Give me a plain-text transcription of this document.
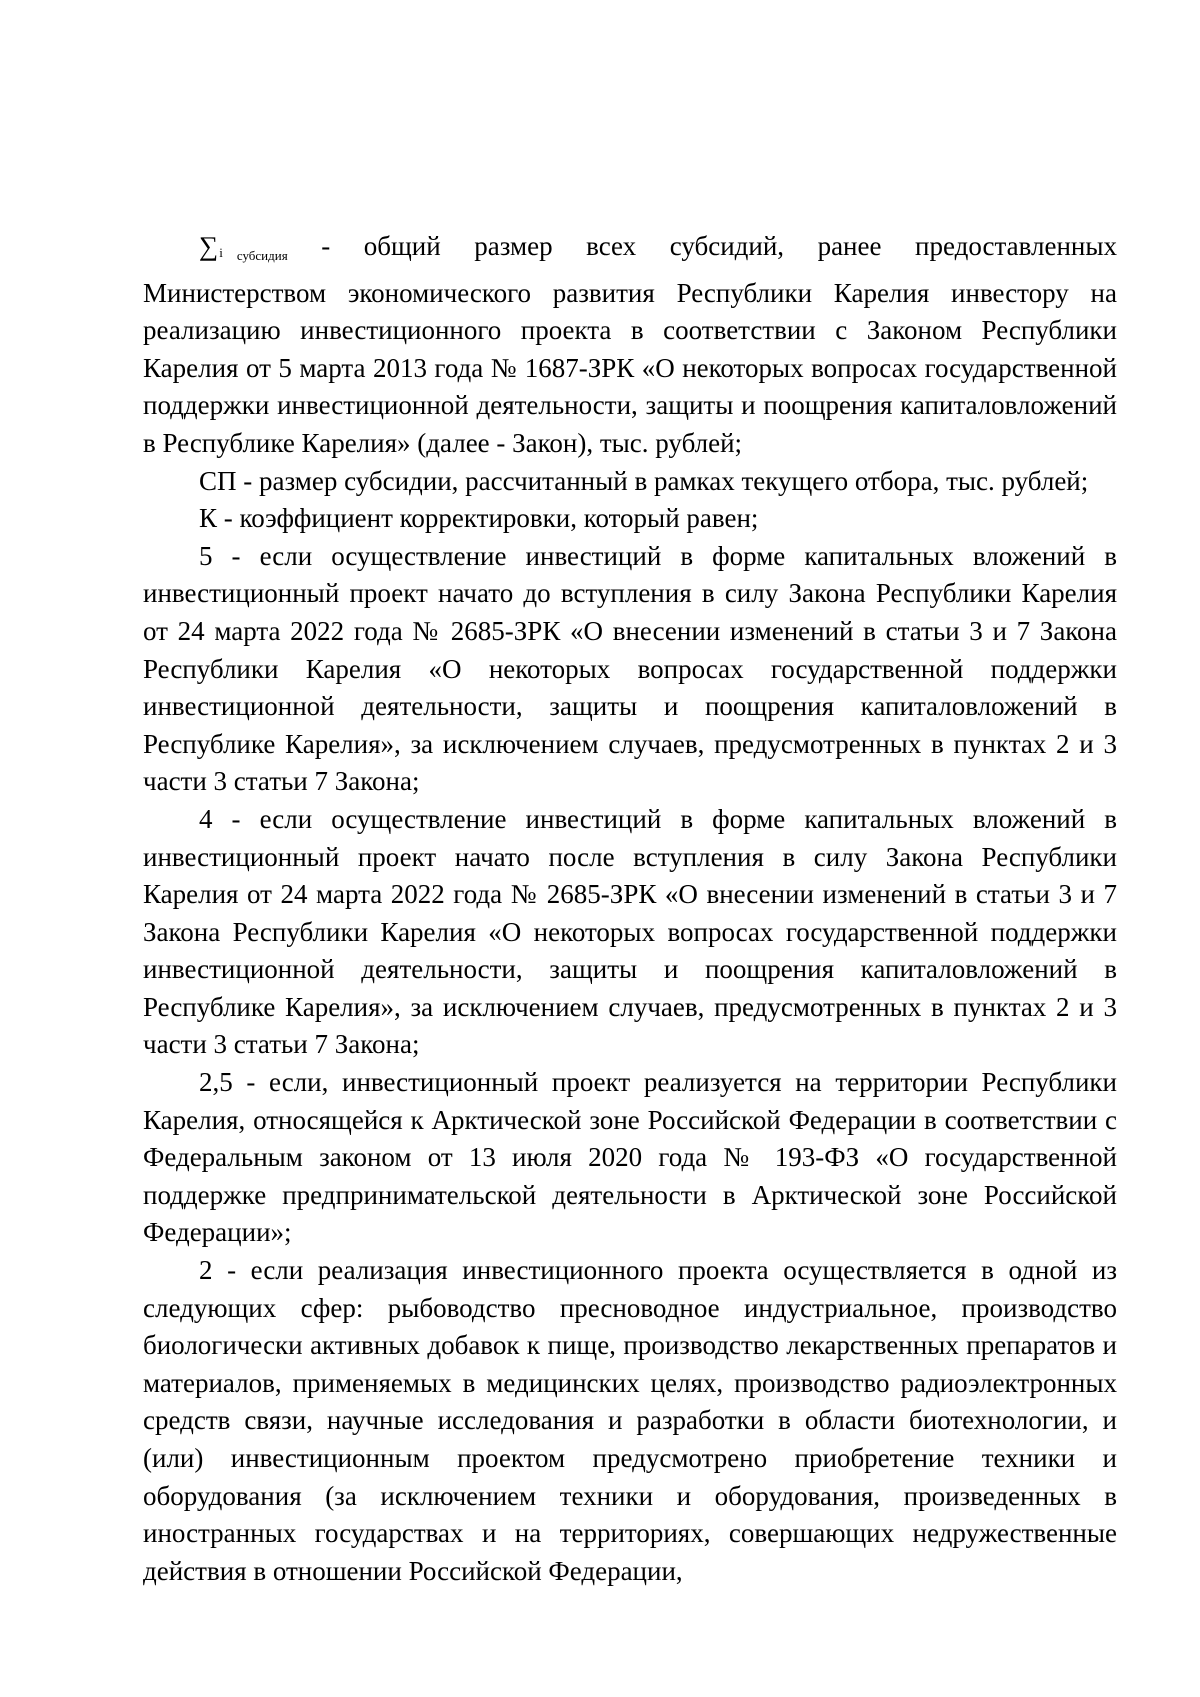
∑i субсидия - общий размер всех субсидий, ранее предоставленных Министерством экономического развития Республики Карелия инвестору на реализацию инвестиционного проекта в соответствии с Законом Республики Карелия от 5 марта 2013 года № 1687-ЗРК «О некоторых вопросах государственной поддержки инвестиционной деятельности, защиты и поощрения капиталовложений в Республике Карелия» (далее - Закон), тыс. рублей;

СП - размер субсидии, рассчитанный в рамках текущего отбора, тыс. рублей;

К - коэффициент корректировки, который равен;

5 - если осуществление инвестиций в форме капитальных вложений в инвестиционный проект начато до вступления в силу Закона Республики Карелия от 24 марта 2022 года № 2685-ЗРК «О внесении изменений в статьи 3 и 7 Закона Республики Карелия «О некоторых вопросах государственной поддержки инвестиционной деятельности, защиты и поощрения капиталовложений в Республике Карелия», за исключением случаев, предусмотренных в пунктах 2 и 3 части 3 статьи 7 Закона;

4 - если осуществление инвестиций в форме капитальных вложений в инвестиционный проект начато после вступления в силу Закона Республики Карелия от 24 марта 2022 года № 2685-ЗРК «О внесении изменений в статьи 3 и 7 Закона Республики Карелия «О некоторых вопросах государственной поддержки инвестиционной деятельности, защиты и поощрения капиталовложений в Республике Карелия», за исключением случаев, предусмотренных в пунктах 2 и 3 части 3 статьи 7 Закона;

2,5 - если, инвестиционный проект реализуется на территории Республики Карелия, относящейся к Арктической зоне Российской Федерации в соответствии с Федеральным законом от 13 июля 2020 года № 193-ФЗ «О государственной поддержке предпринимательской деятельности в Арктической зоне Российской Федерации»;

2 - если реализация инвестиционного проекта осуществляется в одной из следующих сфер: рыбоводство пресноводное индустриальное, производство биологически активных добавок к пище, производство лекарственных препаратов и материалов, применяемых в медицинских целях, производство радиоэлектронных средств связи, научные исследования и разработки в области биотехнологии, и (или) инвестиционным проектом предусмотрено приобретение техники и оборудования (за исключением техники и оборудования, произведенных в иностранных государствах и на территориях, совершающих недружественные действия в отношении Российской Федерации,
